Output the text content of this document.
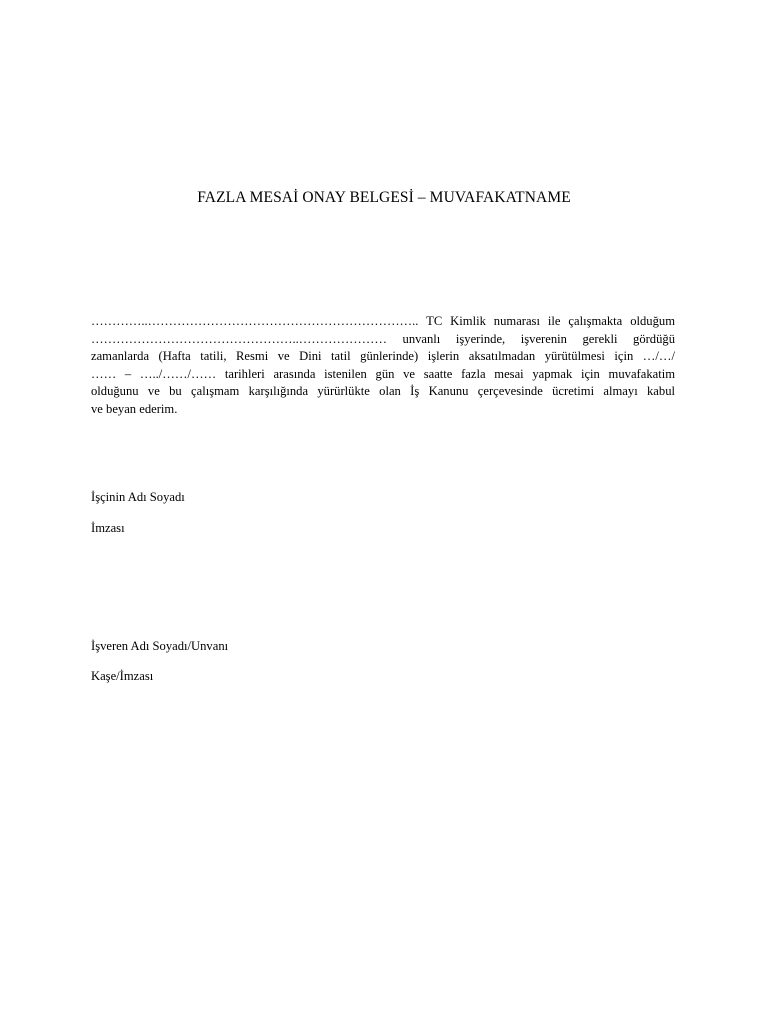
FAZLA MESAİ ONAY BELGESİ – MUVAFAKATNAME
…………..……………………………………………………….. TC Kimlik numarası ile çalışmakta olduğum
…………………………………………..………………… unvanlı işyerinde, işverenin gerekli gördüğü
zamanlarda (Hafta tatili, Resmi ve Dini tatil günlerinde) işlerin aksatılmadan yürütülmesi için …/…/
…… – …../……/…… tarihleri arasında istenilen gün ve saatte fazla mesai yapmak için muvafakatim
olduğunu ve bu çalışmam karşılığında yürürlükte olan İş Kanunu çerçevesinde ücretimi almayı kabul
ve beyan ederim.

İşçinin Adı Soyadı

İmzası

İşveren Adı Soyadı/Unvanı

Kaşe/İmzası
